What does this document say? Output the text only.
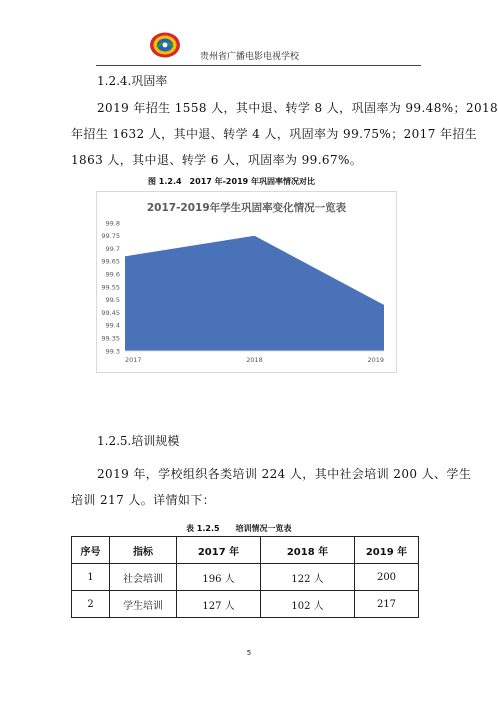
贵州省广播电影电视学校
1.2.4.巩固率
2019 年招生 1558 人，其中退、转学 8 人，巩固率为 99.48%；2018
年招生 1632 人，其中退、转学 4 人，巩固率为 99.75%；2017 年招生
1863 人，其中退、转学 6 人，巩固率为 99.67%。
图 1.2.4　2017 年-2019 年巩固率情况对比
2017-2019年学生巩固率变化情况一览表
99.8
99.75
99.7
99.65
99.6
99.55
99.5
99.45
99.4
99.35
99.3
2017	2018	2019
1.2.5.培训规模
2019 年，学校组织各类培训 224 人，其中社会培训 200 人、学生
培训 217 人。详情如下：
表 1.2.5　　培训情况一览表
序号	指标	2017 年	2018 年	2019 年
1	社会培训	196 人	122 人	200
2	学生培训	127 人	102 人	217
5
